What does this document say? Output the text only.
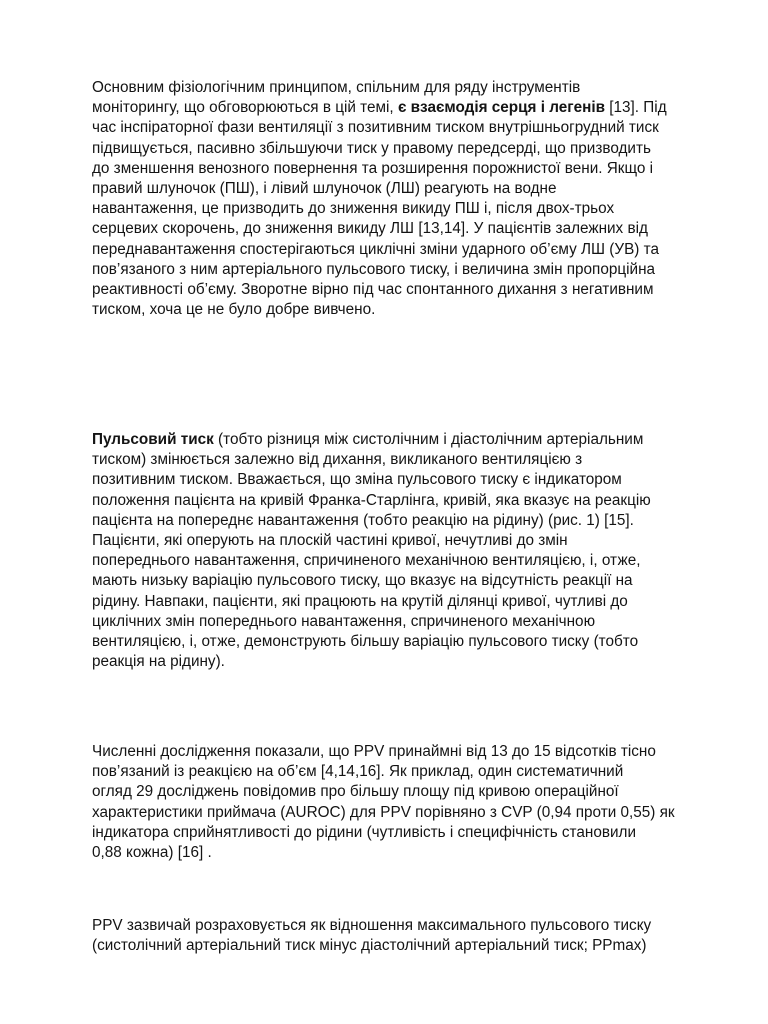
Основним фізіологічним принципом, спільним для ряду інструментів
моніторингу, що обговорюються в цій темі, є взаємодія серця і легенів [13]. Під
час інспіраторної фази вентиляції з позитивним тиском внутрішньогрудний тиск
підвищується, пасивно збільшуючи тиск у правому передсерді, що призводить
до зменшення венозного повернення та розширення порожнистої вени. Якщо і
правий шлуночок (ПШ), і лівий шлуночок (ЛШ) реагують на водне
навантаження, це призводить до зниження викиду ПШ і, після двох-трьох
серцевих скорочень, до зниження викиду ЛШ [13,14]. У пацієнтів залежних від
переднавантаження спостерігаються циклічні зміни ударного об’єму ЛШ (УВ) та
пов’язаного з ним артеріального пульсового тиску, і величина змін пропорційна
реактивності об’єму. Зворотне вірно під час спонтанного дихання з негативним
тиском, хоча це не було добре вивчено.

Пульсовий тиск (тобто різниця між систолічним і діастолічним артеріальним
тиском) змінюється залежно від дихання, викликаного вентиляцією з
позитивним тиском. Вважається, що зміна пульсового тиску є індикатором
положення пацієнта на кривій Франка-Старлінга, кривій, яка вказує на реакцію
пацієнта на попереднє навантаження (тобто реакцію на рідину) (рис. 1) [15].
Пацієнти, які оперують на плоскій частині кривої, нечутливі до змін
попереднього навантаження, спричиненого механічною вентиляцією, і, отже,
мають низьку варіацію пульсового тиску, що вказує на відсутність реакції на
рідину. Навпаки, пацієнти, які працюють на крутій ділянці кривої, чутливі до
циклічних змін попереднього навантаження, спричиненого механічною
вентиляцією, і, отже, демонструють більшу варіацію пульсового тиску (тобто
реакція на рідину).

Численні дослідження показали, що PPV принаймні від 13 до 15 відсотків тісно
пов’язаний із реакцією на об’єм [4,14,16]. Як приклад, один систематичний
огляд 29 досліджень повідомив про більшу площу під кривою операційної
характеристики приймача (AUROC) для PPV порівняно з CVP (0,94 проти 0,55) як
індикатора сприйнятливості до рідини (чутливість і специфічність становили
0,88 кожна) [16] .

PPV зазвичай розраховується як відношення максимального пульсового тиску
(систолічний артеріальний тиск мінус діастолічний артеріальний тиск; PPmax)
